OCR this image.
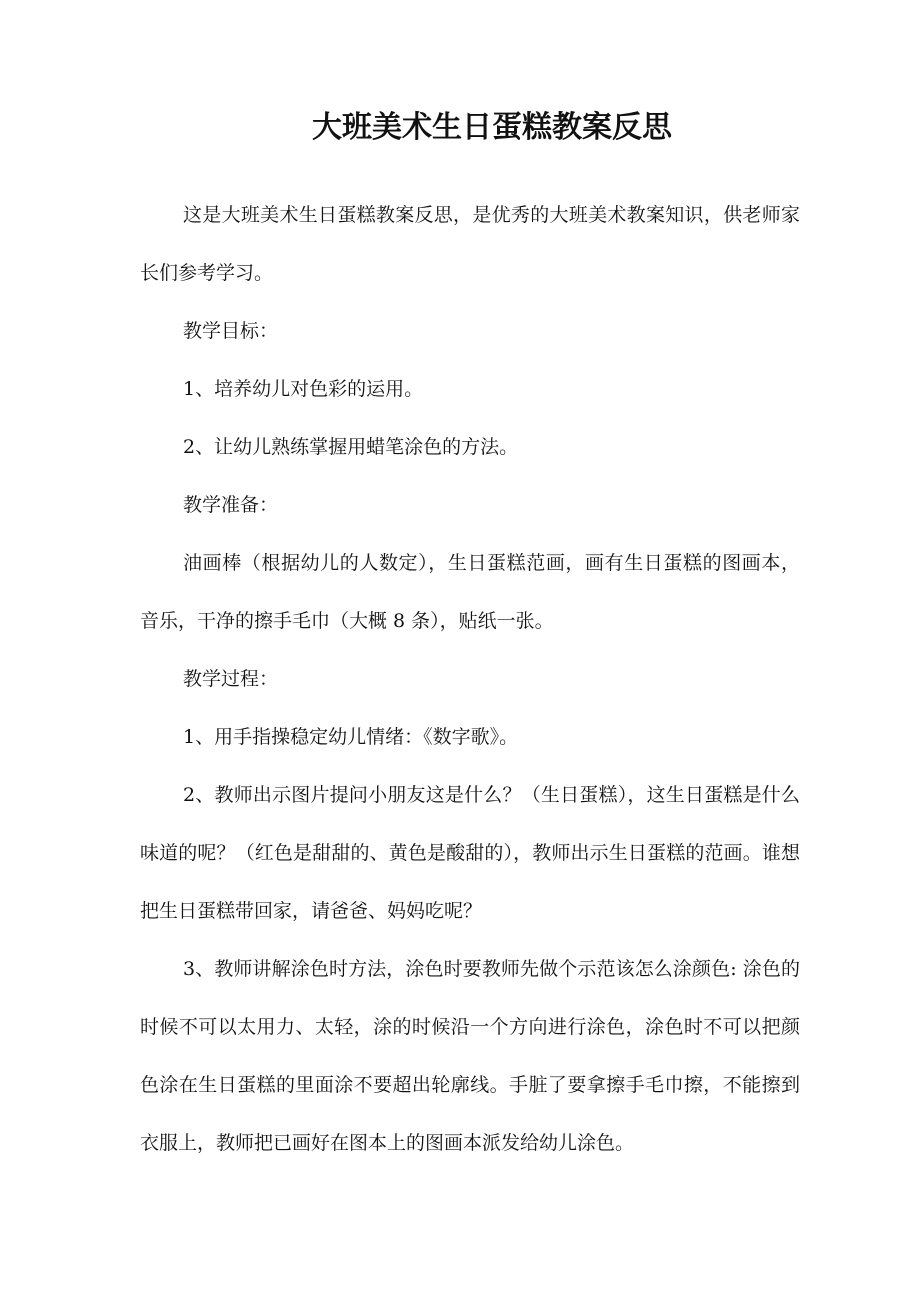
大班美术生日蛋糕教案反思

这是大班美术生日蛋糕教案反思，是优秀的大班美术教案知识，供老师家长们参考学习。

教学目标：

1、培养幼儿对色彩的运用。

2、让幼儿熟练掌握用蜡笔涂色的方法。

教学准备：

油画棒（根据幼儿的人数定），生日蛋糕范画，画有生日蛋糕的图画本，音乐，干净的擦手毛巾（大概 8 条），贴纸一张。

教学过程：

1、用手指操稳定幼儿情绪：《数字歌》。

2、教师出示图片提问小朋友这是什么？（生日蛋糕），这生日蛋糕是什么味道的呢？（红色是甜甜的、黄色是酸甜的），教师出示生日蛋糕的范画。谁想把生日蛋糕带回家，请爸爸、妈妈吃呢？

3、教师讲解涂色时方法，涂色时要教师先做个示范该怎么涂颜色: 涂色的时候不可以太用力、太轻，涂的时候沿一个方向进行涂色，涂色时不可以把颜色涂在生日蛋糕的里面涂不要超出轮廓线。手脏了要拿擦手毛巾擦，不能擦到衣服上，教师把已画好在图本上的图画本派发给幼儿涂色。
